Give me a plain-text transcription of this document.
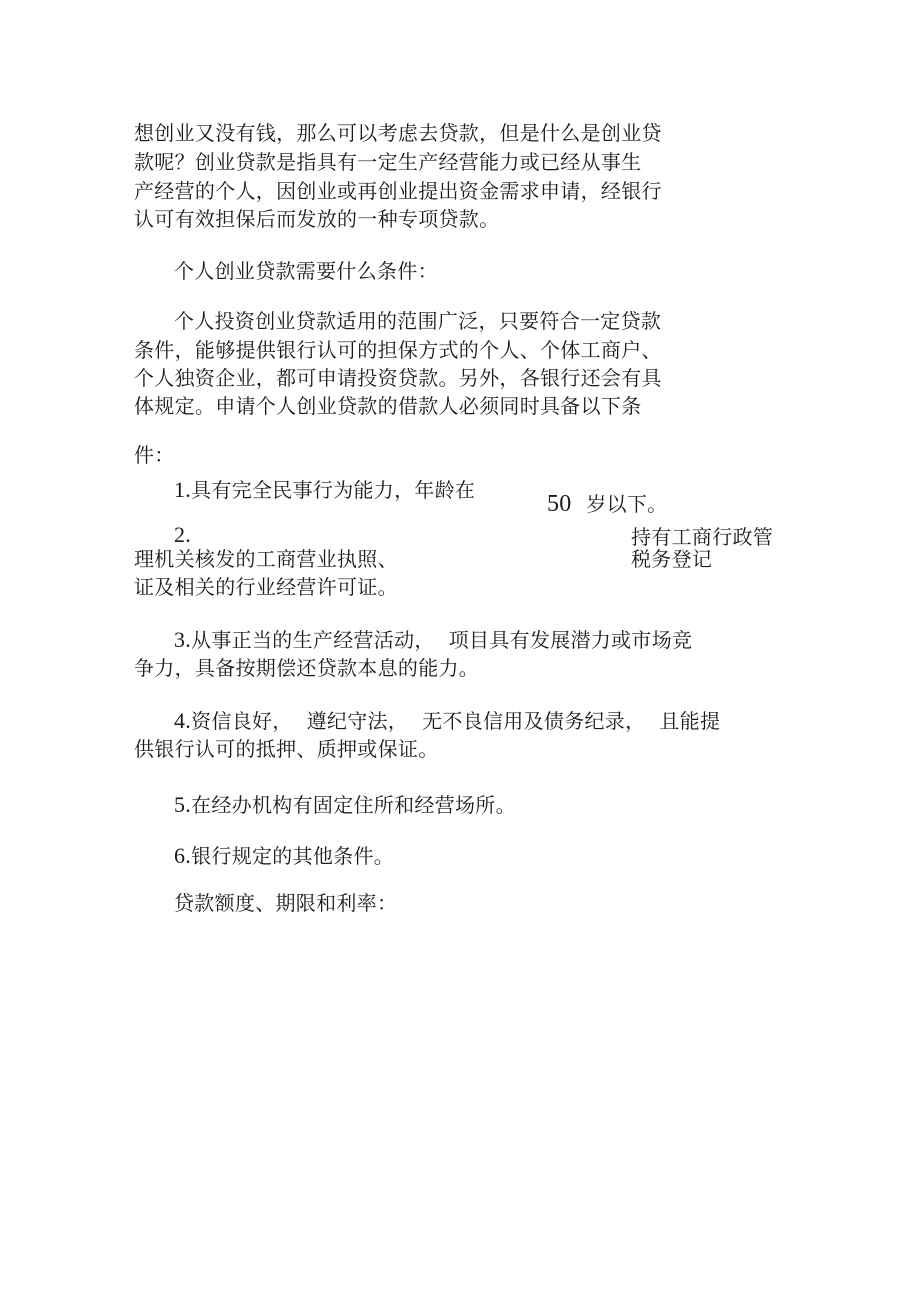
想创业又没有钱，那么可以考虑去贷款，但是什么是创业贷
款呢？创业贷款是指具有一定生产经营能力或已经从事生
产经营的个人，因创业或再创业提出资金需求申请，经银行
认可有效担保后而发放的一种专项贷款。
个人创业贷款需要什么条件：
个人投资创业贷款适用的范围广泛，只要符合一定贷款
条件，能够提供银行认可的担保方式的个人、个体工商户、
个人独资企业，都可申请投资贷款。另外，各银行还会有具
体规定。申请个人创业贷款的借款人必须同时具备以下条
件：
1.具有完全民事行为能力，年龄在
50 岁以下。
2.	持有工商行政管
理机关核发的工商营业执照、	税务登记
证及相关的行业经营许可证。
3.从事正当的生产经营活动， 项目具有发展潜力或市场竞
争力，具备按期偿还贷款本息的能力。
4.资信良好， 遵纪守法， 无不良信用及债务纪录， 且能提
供银行认可的抵押、质押或保证。
5.在经办机构有固定住所和经营场所。
6.银行规定的其他条件。
贷款额度、期限和利率：
